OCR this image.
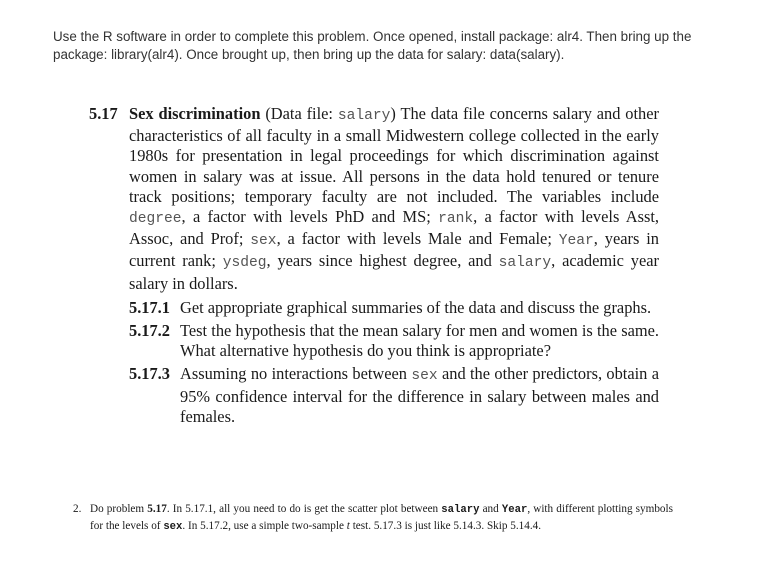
Use the R software in order to complete this problem. Once opened, install package: alr4. Then bring up the package: library(alr4). Once brought up, then bring up the data for salary: data(salary).
5.17 Sex discrimination (Data file: salary) The data file concerns salary and other characteristics of all faculty in a small Midwestern college collected in the early 1980s for presentation in legal proceedings for which discrimination against women in salary was at issue. All persons in the data hold tenured or tenure track positions; temporary faculty are not included. The variables include degree, a factor with levels PhD and MS; rank, a factor with levels Asst, Assoc, and Prof; sex, a factor with levels Male and Female; Year, years in current rank; ysdeg, years since highest degree, and salary, academic year salary in dollars.
5.17.1 Get appropriate graphical summaries of the data and discuss the graphs.
5.17.2 Test the hypothesis that the mean salary for men and women is the same. What alternative hypothesis do you think is appropriate?
5.17.3 Assuming no interactions between sex and the other predictors, obtain a 95% confidence interval for the difference in salary between males and females.
2. Do problem 5.17. In 5.17.1, all you need to do is get the scatter plot between salary and Year, with different plotting symbols for the levels of sex. In 5.17.2, use a simple two-sample t test. 5.17.3 is just like 5.14.3. Skip 5.14.4.
